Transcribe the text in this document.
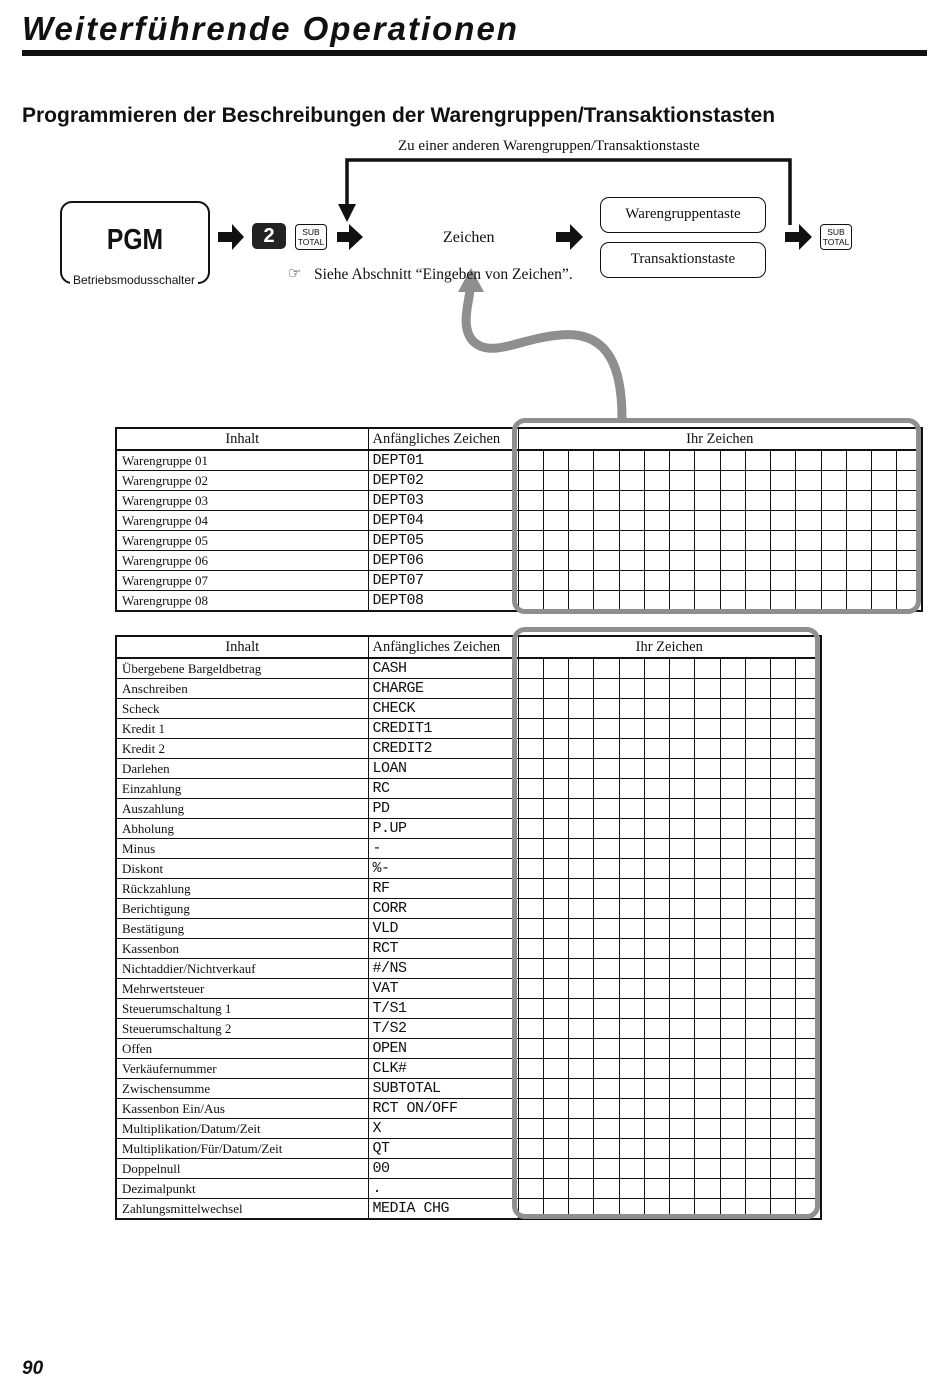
Weiterführende Operationen
Programmieren der Beschreibungen der Warengruppen/Transaktionstasten
Zu einer anderen Warengruppen/Transaktionstaste
PGM
Betriebsmodusschalter
2	SUB
TOTAL	Zeichen
☞ Siehe Abschnitt “Eingeben von Zeichen”.
Warengruppentaste
Transaktionstaste
SUB
TOTAL
Inhalt	Anfängliches Zeichen	Ihr Zeichen															
Warengruppe 01	DEPT01																
Warengruppe 02	DEPT02																
Warengruppe 03	DEPT03																
Warengruppe 04	DEPT04																
Warengruppe 05	DEPT05																
Warengruppe 06	DEPT06																
Warengruppe 07	DEPT07																
Warengruppe 08	DEPT08																
Inhalt	Anfängliches Zeichen	Ihr Zeichen											
Übergebene Bargeldbetrag	CASH												
Anschreiben	CHARGE												
Scheck	CHECK												
Kredit 1	CREDIT1												
Kredit 2	CREDIT2												
Darlehen	LOAN												
Einzahlung	RC												
Auszahlung	PD												
Abholung	P.UP												
Minus	-												
Diskont	%-												
Rückzahlung	RF												
Berichtigung	CORR												
Bestätigung	VLD												
Kassenbon	RCT												
Nichtaddier/Nichtverkauf	#/NS												
Mehrwertsteuer	VAT												
Steuerumschaltung 1	T/S1												
Steuerumschaltung 2	T/S2												
Offen	OPEN												
Verkäufernummer	CLK#												
Zwischensumme	SUBTOTAL												
Kassenbon Ein/Aus	RCT ON/OFF												
Multiplikation/Datum/Zeit	X												
Multiplikation/Für/Datum/Zeit	QT												
Doppelnull	00												
Dezimalpunkt	.												
Zahlungsmittelwechsel	MEDIA CHG												
90
